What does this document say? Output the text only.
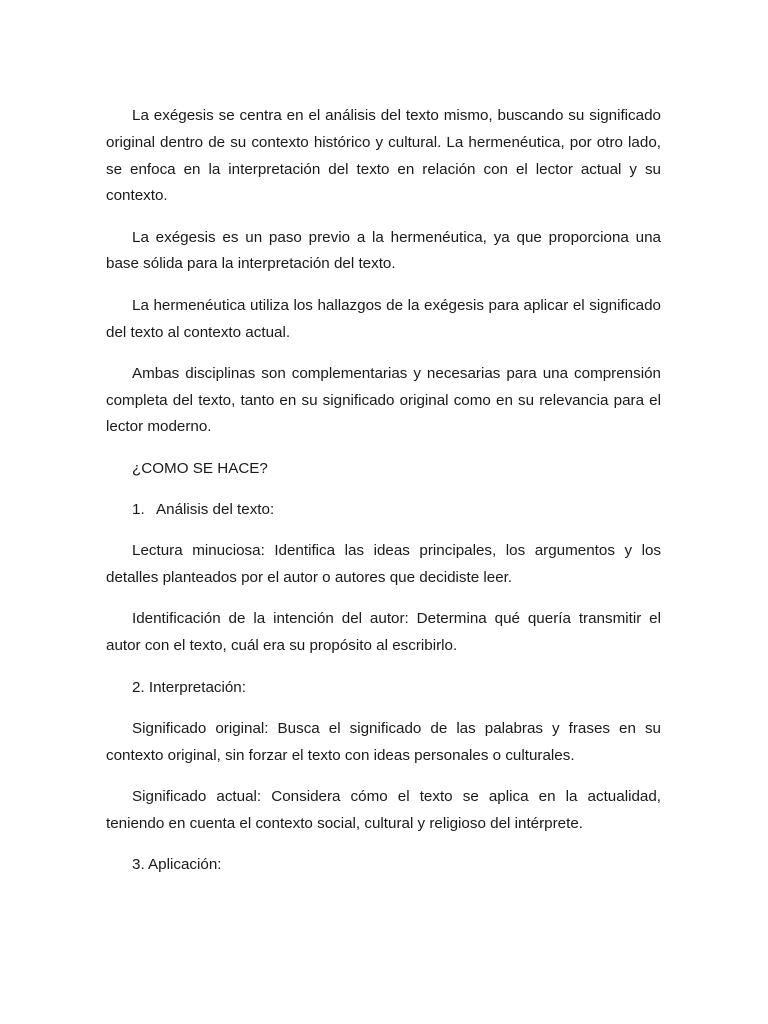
La exégesis se centra en el análisis del texto mismo, buscando su significado original dentro de su contexto histórico y cultural. La hermenéutica, por otro lado, se enfoca en la interpretación del texto en relación con el lector actual y su contexto.

La exégesis es un paso previo a la hermenéutica, ya que proporciona una base sólida para la interpretación del texto.

La hermenéutica utiliza los hallazgos de la exégesis para aplicar el significado del texto al contexto actual.

Ambas disciplinas son complementarias y necesarias para una comprensión completa del texto, tanto en su significado original como en su relevancia para el lector moderno.

¿COMO SE HACE?

1. Análisis del texto:

Lectura minuciosa: Identifica las ideas principales, los argumentos y los detalles planteados por el autor o autores que decidiste leer.

Identificación de la intención del autor: Determina qué quería transmitir el autor con el texto, cuál era su propósito al escribirlo.

2. Interpretación:

Significado original: Busca el significado de las palabras y frases en su contexto original, sin forzar el texto con ideas personales o culturales.

Significado actual: Considera cómo el texto se aplica en la actualidad, teniendo en cuenta el contexto social, cultural y religioso del intérprete.

3. Aplicación:
